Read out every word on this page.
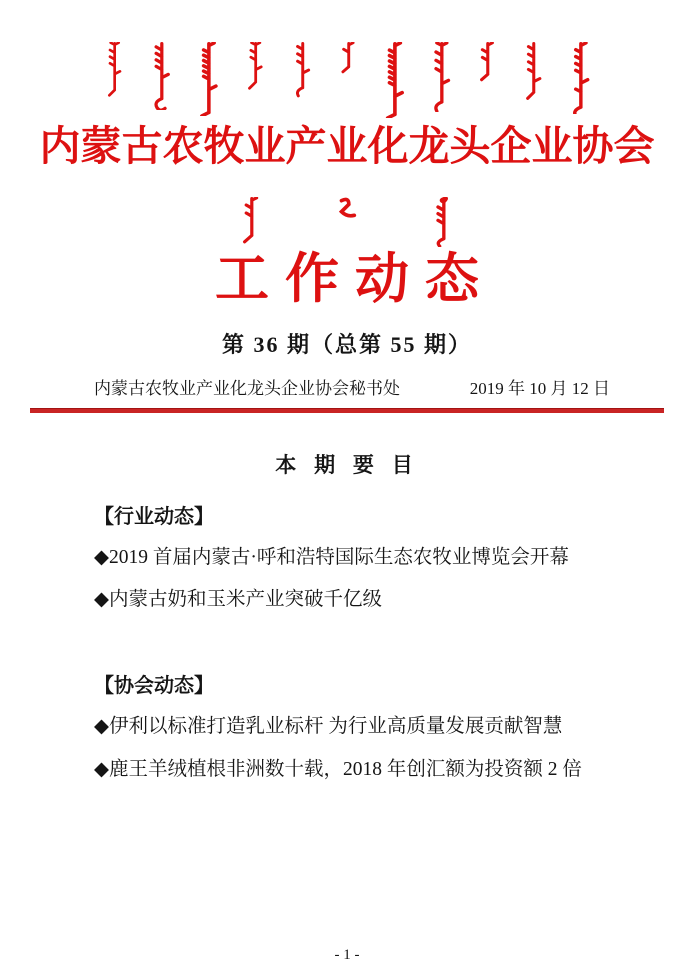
内蒙古农牧业产业化龙头企业协会
工作动态
第 36 期（总第 55 期）
内蒙古农牧业产业化龙头企业协会秘书处	2019 年 10 月 12 日
本 期 要 目
【行业动态】
◆2019 首届内蒙古·呼和浩特国际生态农牧业博览会开幕
◆内蒙古奶和玉米产业突破千亿级
【协会动态】
◆伊利以标准打造乳业标杆 为行业高质量发展贡献智慧
◆鹿王羊绒植根非洲数十载，2018 年创汇额为投资额 2 倍
- 1 -
